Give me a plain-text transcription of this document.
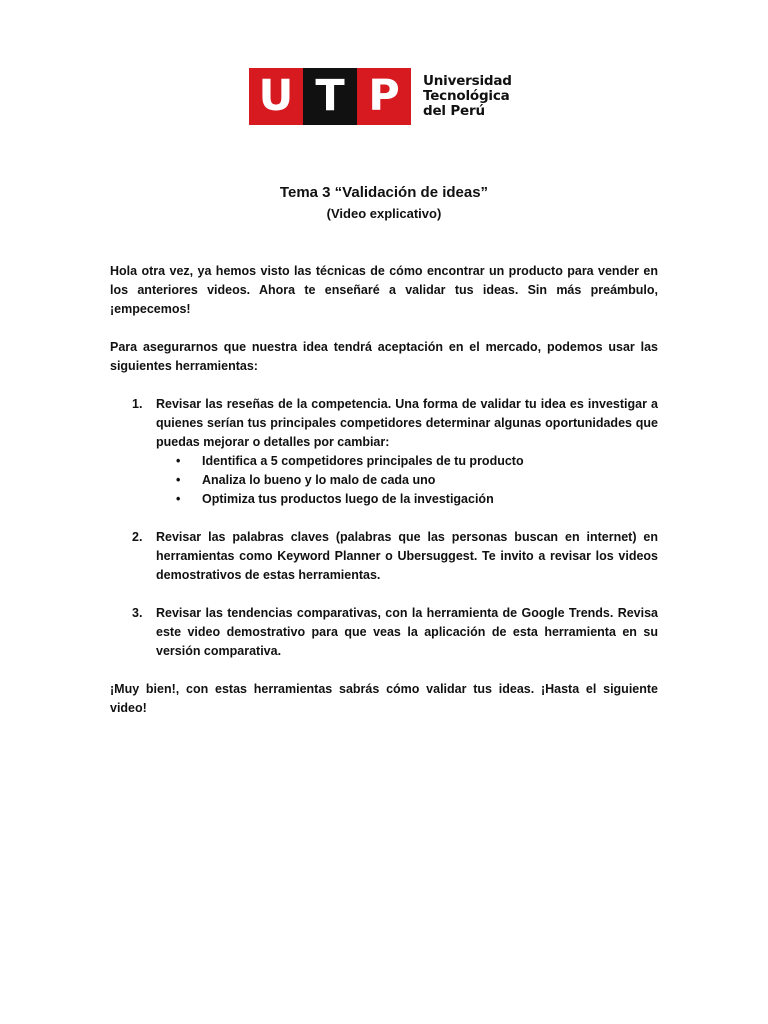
U T P	Universidad
Tecnológica
del Perú
Tema 3 “Validación de ideas”
(Video explicativo)

Hola otra vez, ya hemos visto las técnicas de cómo encontrar un producto para vender en los anteriores videos. Ahora te enseñaré a validar tus ideas. Sin más preámbulo, ¡empecemos!

Para asegurarnos que nuestra idea tendrá aceptación en el mercado, podemos usar las siguientes herramientas:

1. Revisar las reseñas de la competencia. Una forma de validar tu idea es investigar a quienes serían tus principales competidores determinar algunas oportunidades que puedas mejorar o detalles por cambiar:
• Identifica a 5 competidores principales de tu producto
• Analiza lo bueno y lo malo de cada uno
• Optimiza tus productos luego de la investigación
2. Revisar las palabras claves (palabras que las personas buscan en internet) en herramientas como Keyword Planner o Ubersuggest. Te invito a revisar los videos demostrativos de estas herramientas.
3. Revisar las tendencias comparativas, con la herramienta de Google Trends. Revisa este video demostrativo para que veas la aplicación de esta herramienta en su versión comparativa.

¡Muy bien!, con estas herramientas sabrás cómo validar tus ideas. ¡Hasta el siguiente video!
